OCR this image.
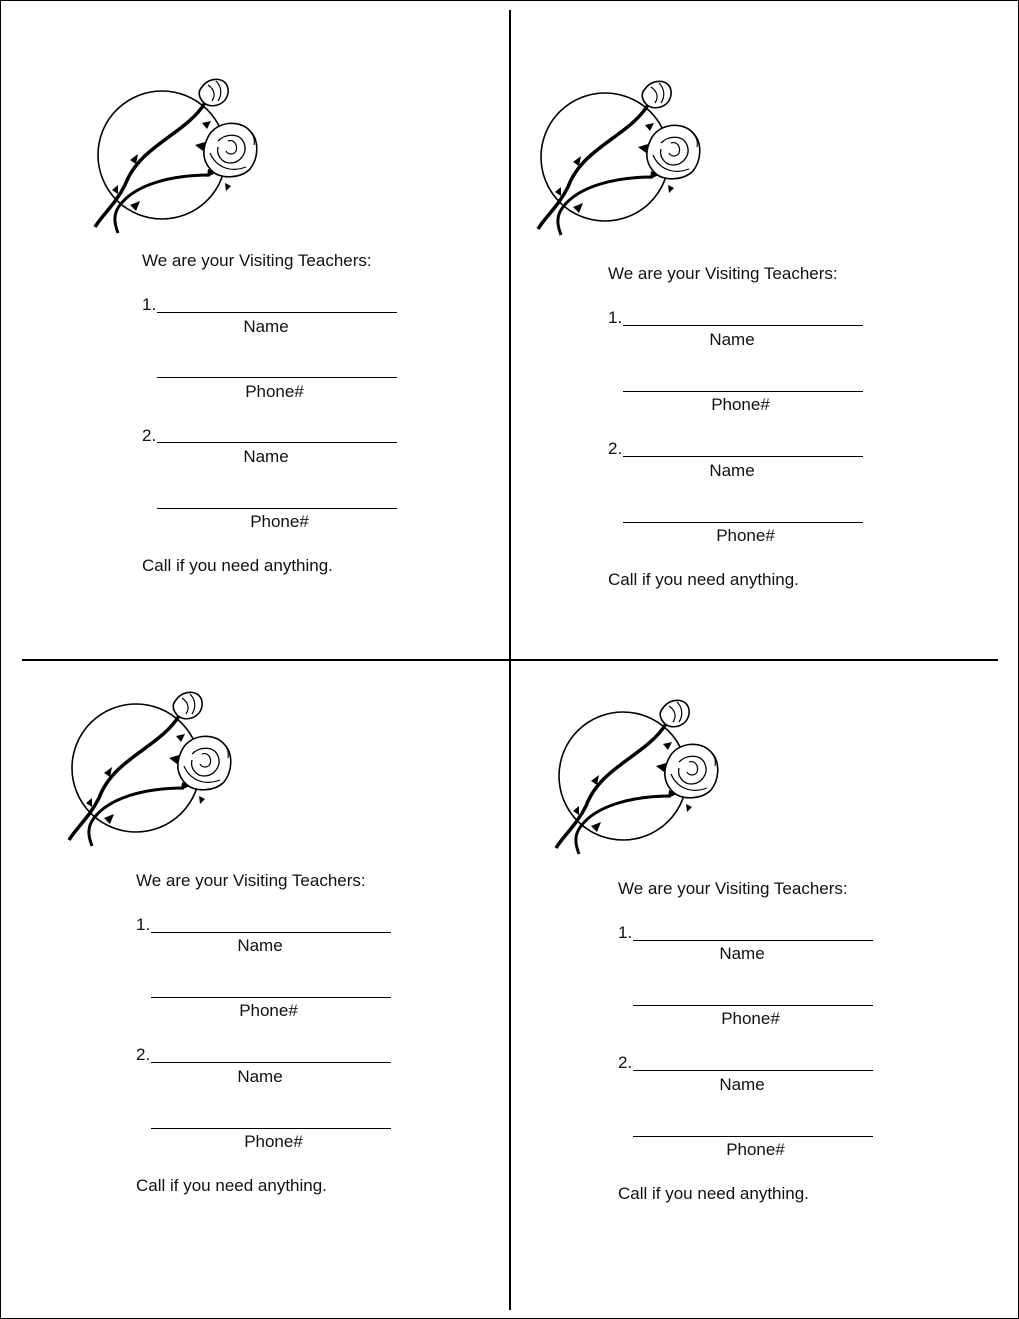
We are your Visiting Teachers:
1.
Name
Phone#
2.
Name
Phone#
Call if you need anything.
We are your Visiting Teachers:
1.
Name
Phone#
2.
Name
Phone#
Call if you need anything.
We are your Visiting Teachers:
1.
Name
Phone#
2.
Name
Phone#
Call if you need anything.
We are your Visiting Teachers:
1.
Name
Phone#
2.
Name
Phone#
Call if you need anything.
